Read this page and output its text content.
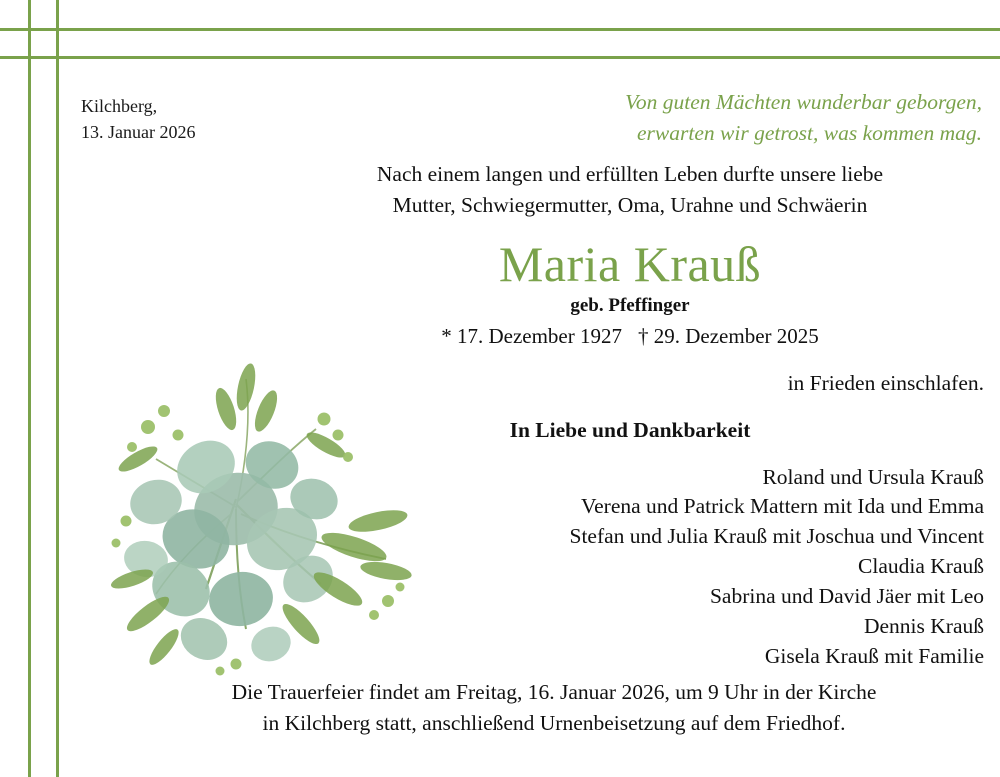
Kilchberg,
13. Januar 2026
Von guten Mächten wunderbar geborgen,
erwarten wir getrost, was kommen mag.
Nach einem langen und erfüllten Leben durfte unsere liebe
Mutter, Schwiegermutter, Oma, Urahne und Schwäerin
Maria Krauß
geb. Pfeffinger
* 17. Dezember 1927 † 29. Dezember 2025
in Frieden einschlafen.
In Liebe und Dankbarkeit
Roland und Ursula Krauß
Verena und Patrick Mattern mit Ida und Emma
Stefan und Julia Krauß mit Joschua und Vincent
Claudia Krauß
Sabrina und David Jäer mit Leo
Dennis Krauß
Gisela Krauß mit Familie
Die Trauerfeier findet am Freitag, 16. Januar 2026, um 9 Uhr in der Kirche
in Kilchberg statt, anschließend Urnenbeisetzung auf dem Friedhof.
